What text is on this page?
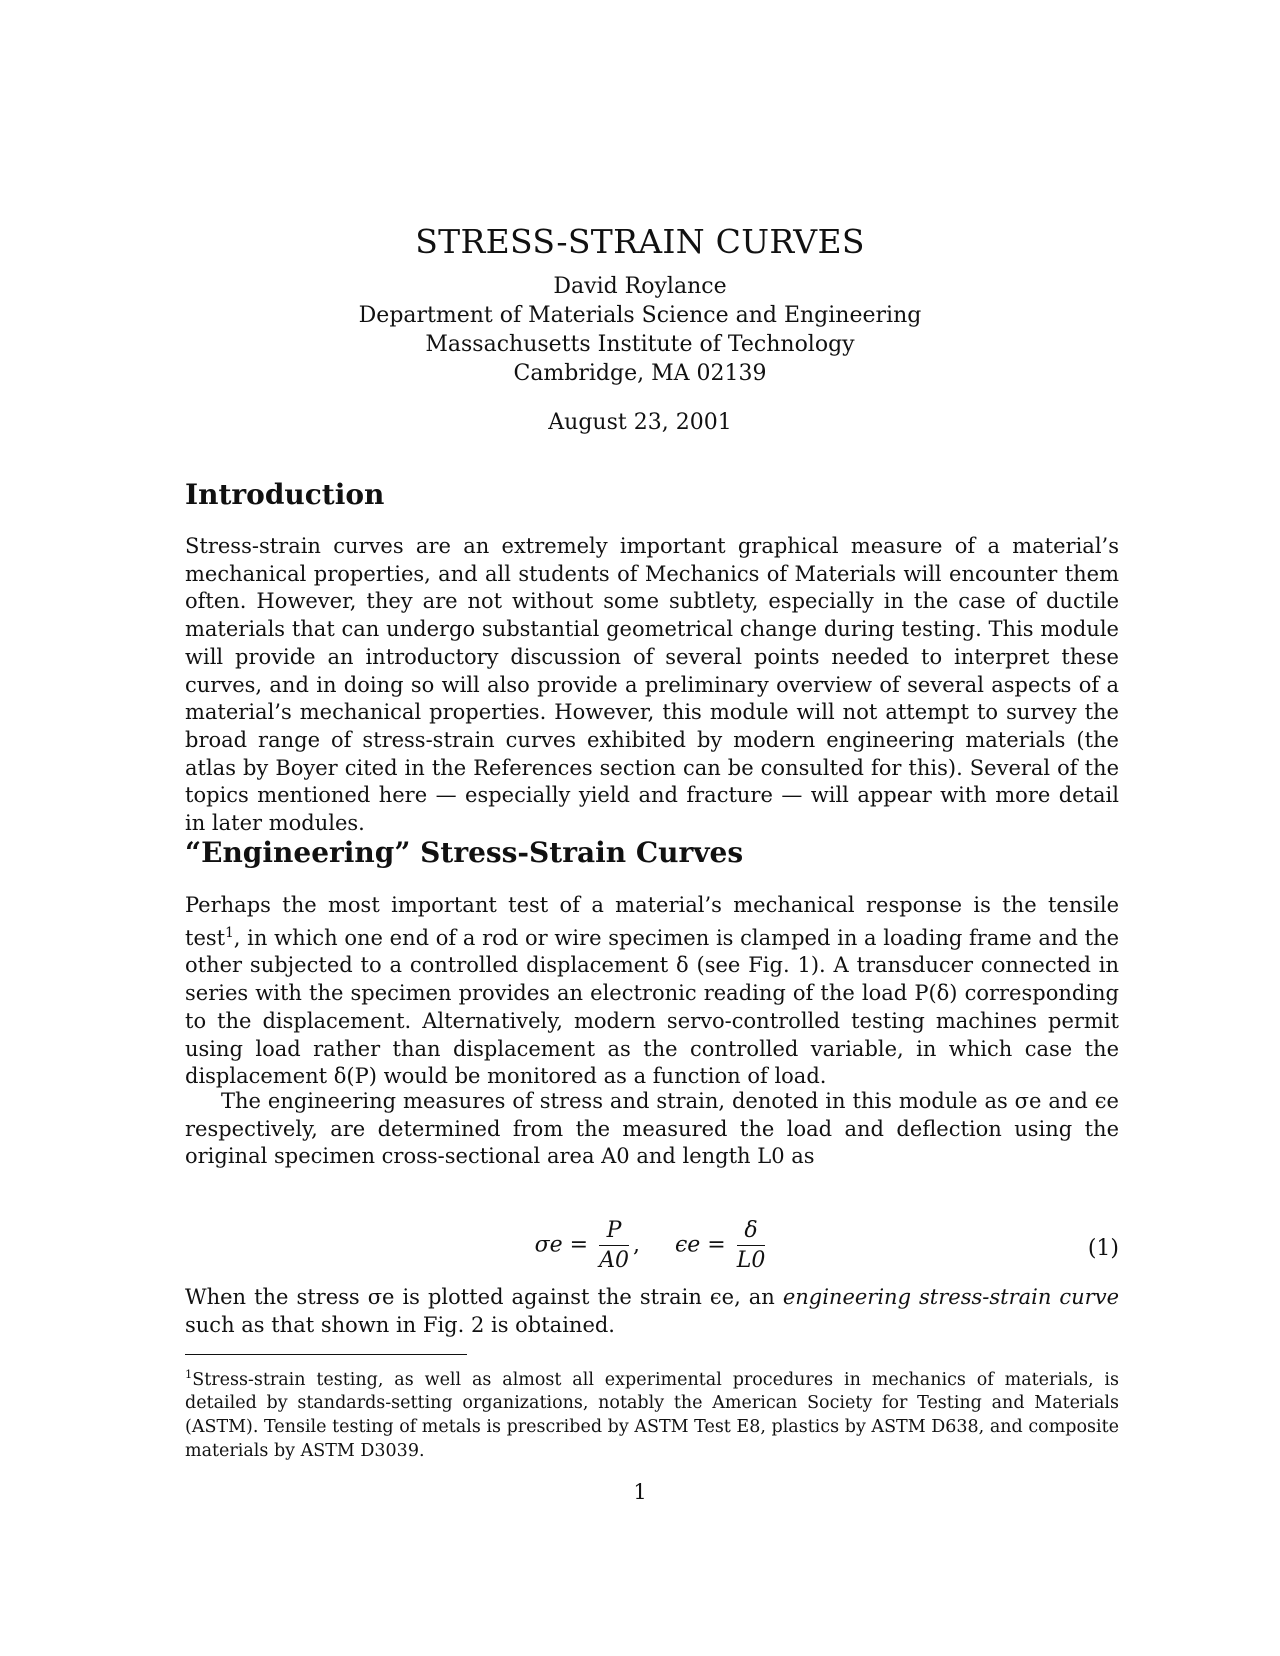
STRESS-STRAIN CURVES
David Roylance
Department of Materials Science and Engineering
Massachusetts Institute of Technology
Cambridge, MA 02139
August 23, 2001
Introduction

Stress-strain curves are an extremely important graphical measure of a material’s mechanical properties, and all students of Mechanics of Materials will encounter them often. However, they are not without some subtlety, especially in the case of ductile materials that can undergo substantial geometrical change during testing. This module will provide an introductory discussion of several points needed to interpret these curves, and in doing so will also provide a preliminary overview of several aspects of a material’s mechanical properties. However, this module will not attempt to survey the broad range of stress-strain curves exhibited by modern engineering materials (the atlas by Boyer cited in the References section can be consulted for this). Several of the topics mentioned here — especially yield and fracture — will appear with more detail in later modules.

“Engineering” Stress-Strain Curves

Perhaps the most important test of a material’s mechanical response is the tensile test$^1$, in which one end of a rod or wire specimen is clamped in a loading frame and the other subjected to a controlled displacement δ (see Fig. 1). A transducer connected in series with the specimen provides an electronic reading of the load P(δ) corresponding to the displacement. Alternatively, modern servo-controlled testing machines permit using load rather than displacement as the controlled variable, in which case the displacement δ(P) would be monitored as a function of load.

The engineering measures of stress and strain, denoted in this module as σe and ϵe respectively, are determined from the measured the load and deflection using the original specimen cross-sectional area A0 and length L0 as

$\sigma e = \frac{P}{A0}$ , $\epsilon e = \frac{\delta}{L0}$	(1)

When the stress σe is plotted against the strain ϵe, an engineering stress-strain curve such as that shown in Fig. 2 is obtained.

$^1$Stress-strain testing, as well as almost all experimental procedures in mechanics of materials, is detailed by standards-setting organizations, notably the American Society for Testing and Materials (ASTM). Tensile testing of metals is prescribed by ASTM Test E8, plastics by ASTM D638, and composite materials by ASTM D3039.

1
